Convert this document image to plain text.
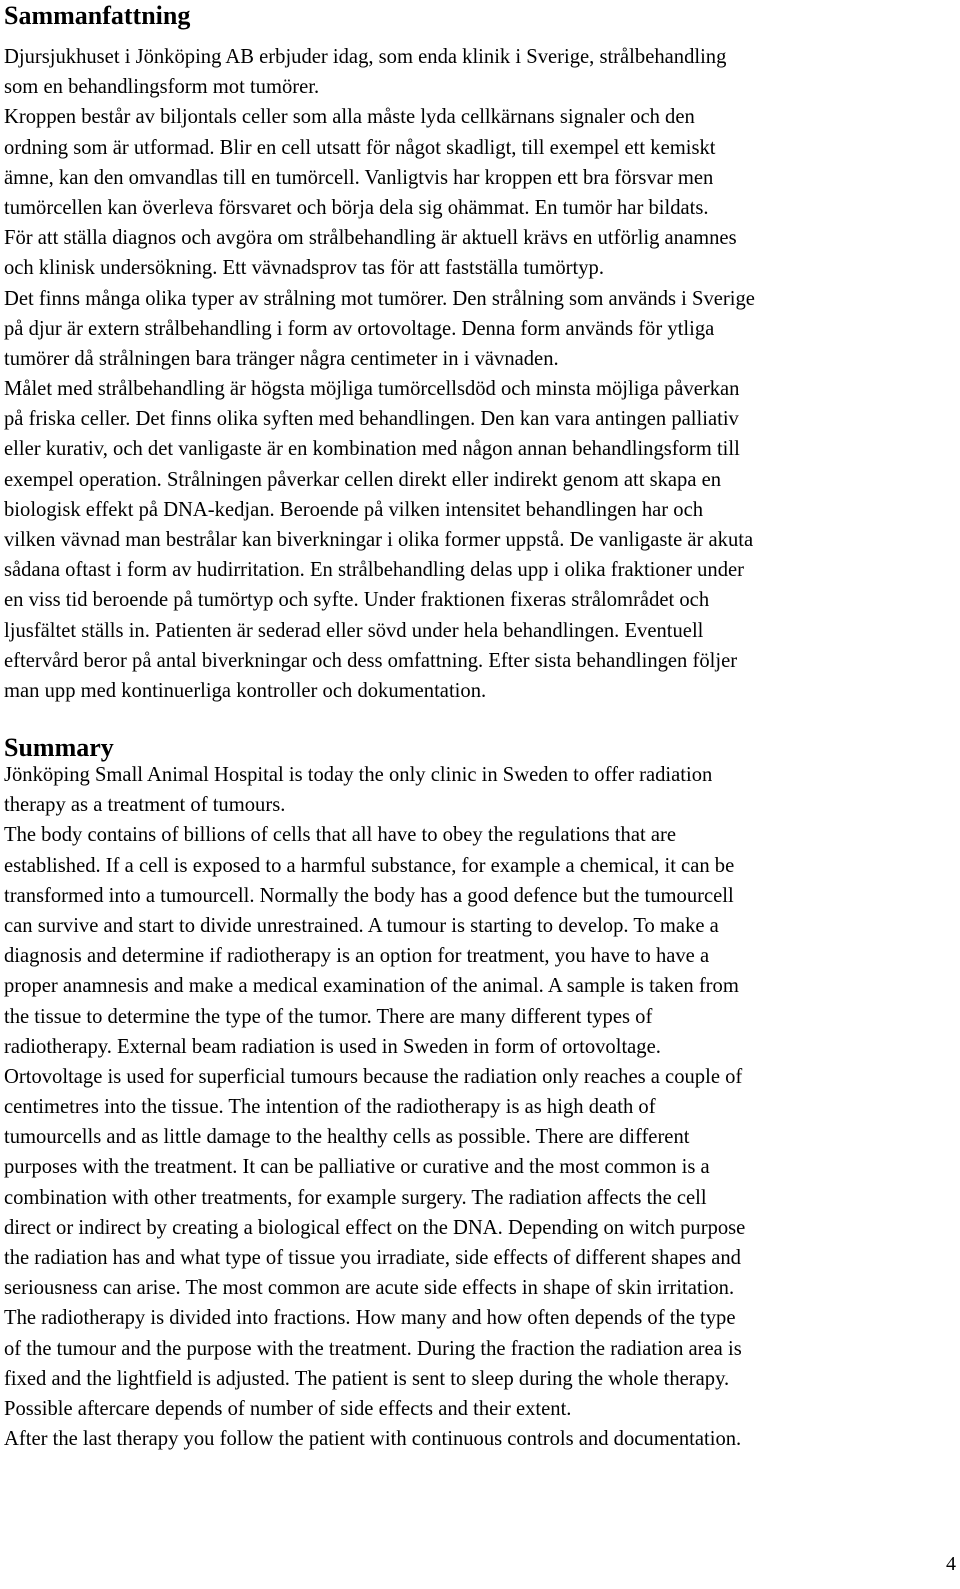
Sammanfattning
Djursjukhuset i Jönköping AB erbjuder idag, som enda klinik i Sverige, strålbehandling
som en behandlingsform mot tumörer.
Kroppen består av biljontals celler som alla måste lyda cellkärnans signaler och den
ordning som är utformad. Blir en cell utsatt för något skadligt, till exempel ett kemiskt
ämne, kan den omvandlas till en tumörcell. Vanligtvis har kroppen ett bra försvar men
tumörcellen kan överleva försvaret och börja dela sig ohämmat. En tumör har bildats.
För att ställa diagnos och avgöra om strålbehandling är aktuell krävs en utförlig anamnes
och klinisk undersökning. Ett vävnadsprov tas för att fastställa tumörtyp.
Det finns många olika typer av strålning mot tumörer. Den strålning som används i Sverige
på djur är extern strålbehandling i form av ortovoltage. Denna form används för ytliga
tumörer då strålningen bara tränger några centimeter in i vävnaden.
Målet med strålbehandling är högsta möjliga tumörcellsdöd och minsta möjliga påverkan
på friska celler. Det finns olika syften med behandlingen. Den kan vara antingen palliativ
eller kurativ, och det vanligaste är en kombination med någon annan behandlingsform till
exempel operation. Strålningen påverkar cellen direkt eller indirekt genom att skapa en
biologisk effekt på DNA-kedjan. Beroende på vilken intensitet behandlingen har och
vilken vävnad man bestrålar kan biverkningar i olika former uppstå. De vanligaste är akuta
sådana oftast i form av hudirritation. En strålbehandling delas upp i olika fraktioner under
en viss tid beroende på tumörtyp och syfte. Under fraktionen fixeras strålområdet och
ljusfältet ställs in. Patienten är sederad eller sövd under hela behandlingen. Eventuell
eftervård beror på antal biverkningar och dess omfattning. Efter sista behandlingen följer
man upp med kontinuerliga kontroller och dokumentation.
Summary
Jönköping Small Animal Hospital is today the only clinic in Sweden to offer radiation
therapy as a treatment of tumours.
The body contains of billions of cells that all have to obey the regulations that are
established. If a cell is exposed to a harmful substance, for example a chemical, it can be
transformed into a tumourcell. Normally the body has a good defence but the tumourcell
can survive and start to divide unrestrained. A tumour is starting to develop. To make a
diagnosis and determine if radiotherapy is an option for treatment, you have to have a
proper anamnesis and make a medical examination of the animal. A sample is taken from
the tissue to determine the type of the tumor. There are many different types of
radiotherapy. External beam radiation is used in Sweden in form of ortovoltage.
Ortovoltage is used for superficial tumours because the radiation only reaches a couple of
centimetres into the tissue. The intention of the radiotherapy is as high death of
tumourcells and as little damage to the healthy cells as possible. There are different
purposes with the treatment. It can be palliative or curative and the most common is a
combination with other treatments, for example surgery. The radiation affects the cell
direct or indirect by creating a biological effect on the DNA. Depending on witch purpose
the radiation has and what type of tissue you irradiate, side effects of different shapes and
seriousness can arise. The most common are acute side effects in shape of skin irritation.
The radiotherapy is divided into fractions. How many and how often depends of the type
of the tumour and the purpose with the treatment. During the fraction the radiation area is
fixed and the lightfield is adjusted. The patient is sent to sleep during the whole therapy.
Possible aftercare depends of number of side effects and their extent.
After the last therapy you follow the patient with continuous controls and documentation.
4
